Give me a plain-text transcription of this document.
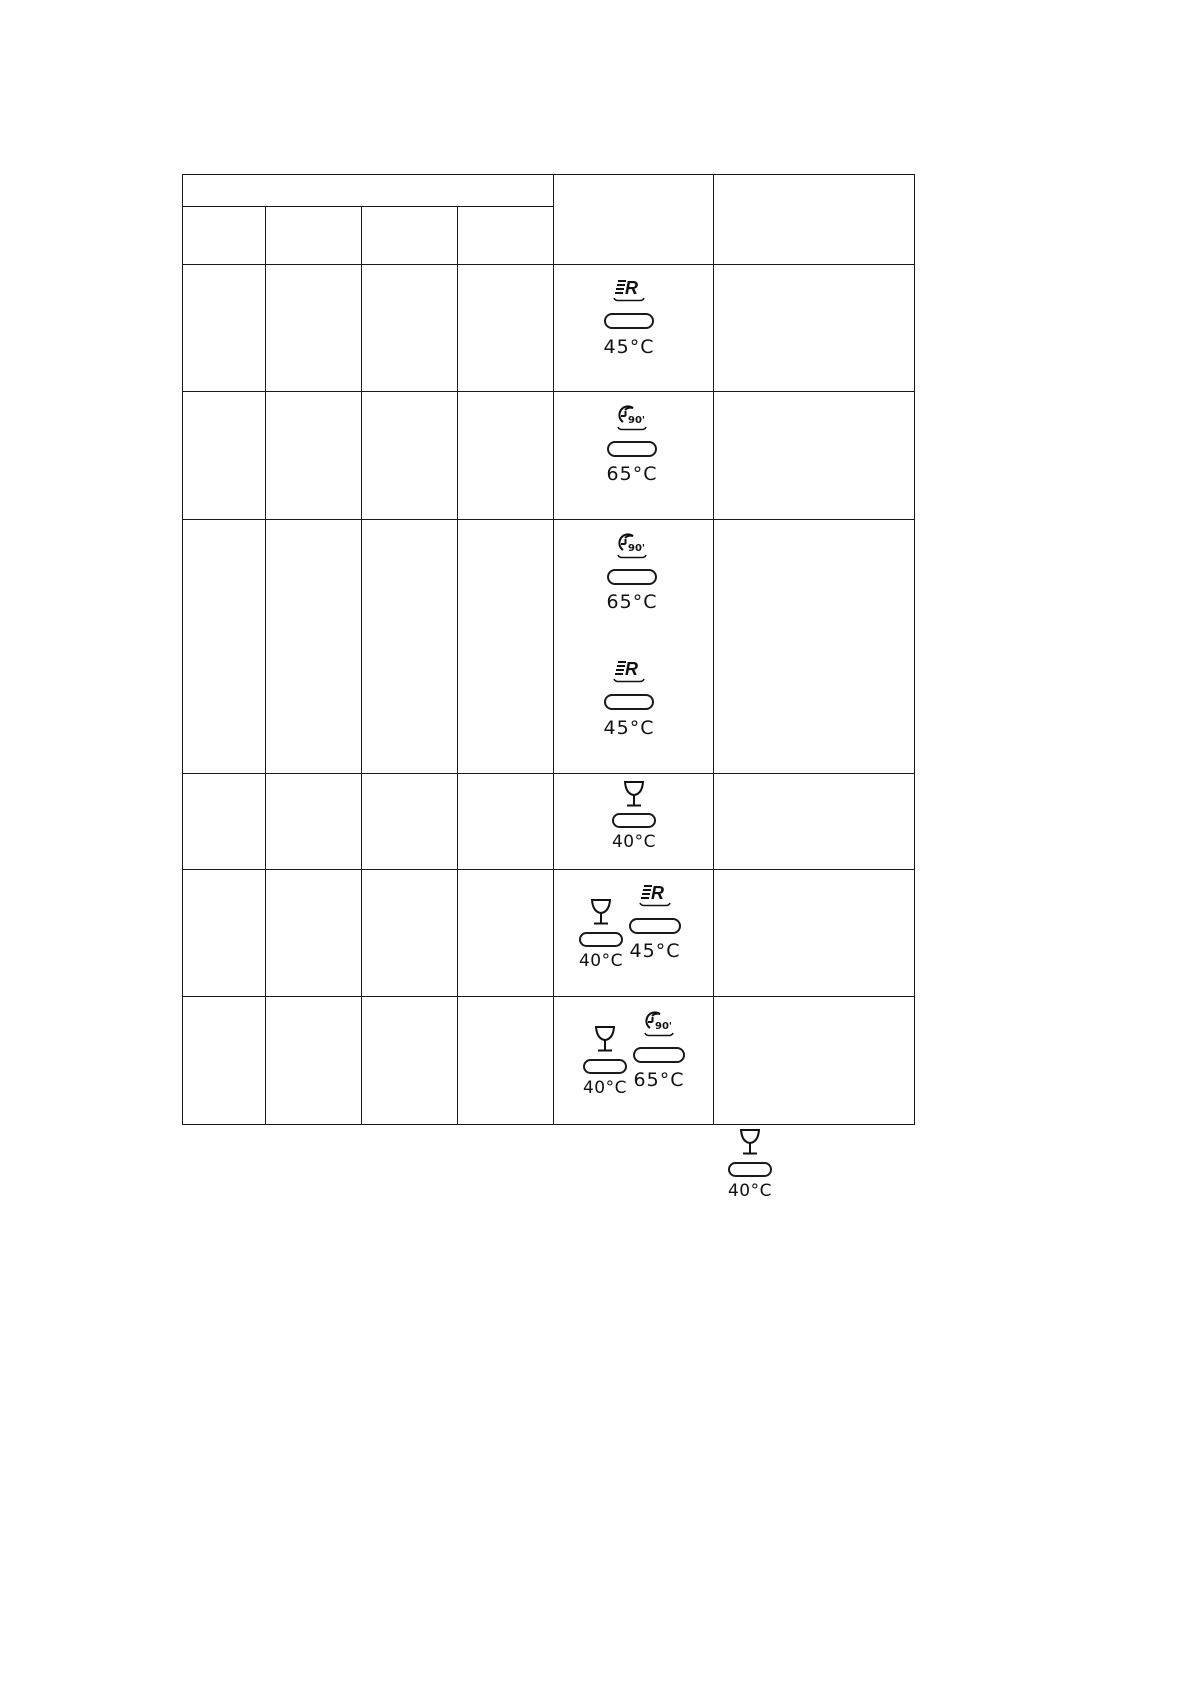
45°C
65°C
65°C
45°C
40°C
40°C 45°C
40°C 65°C
40°C
